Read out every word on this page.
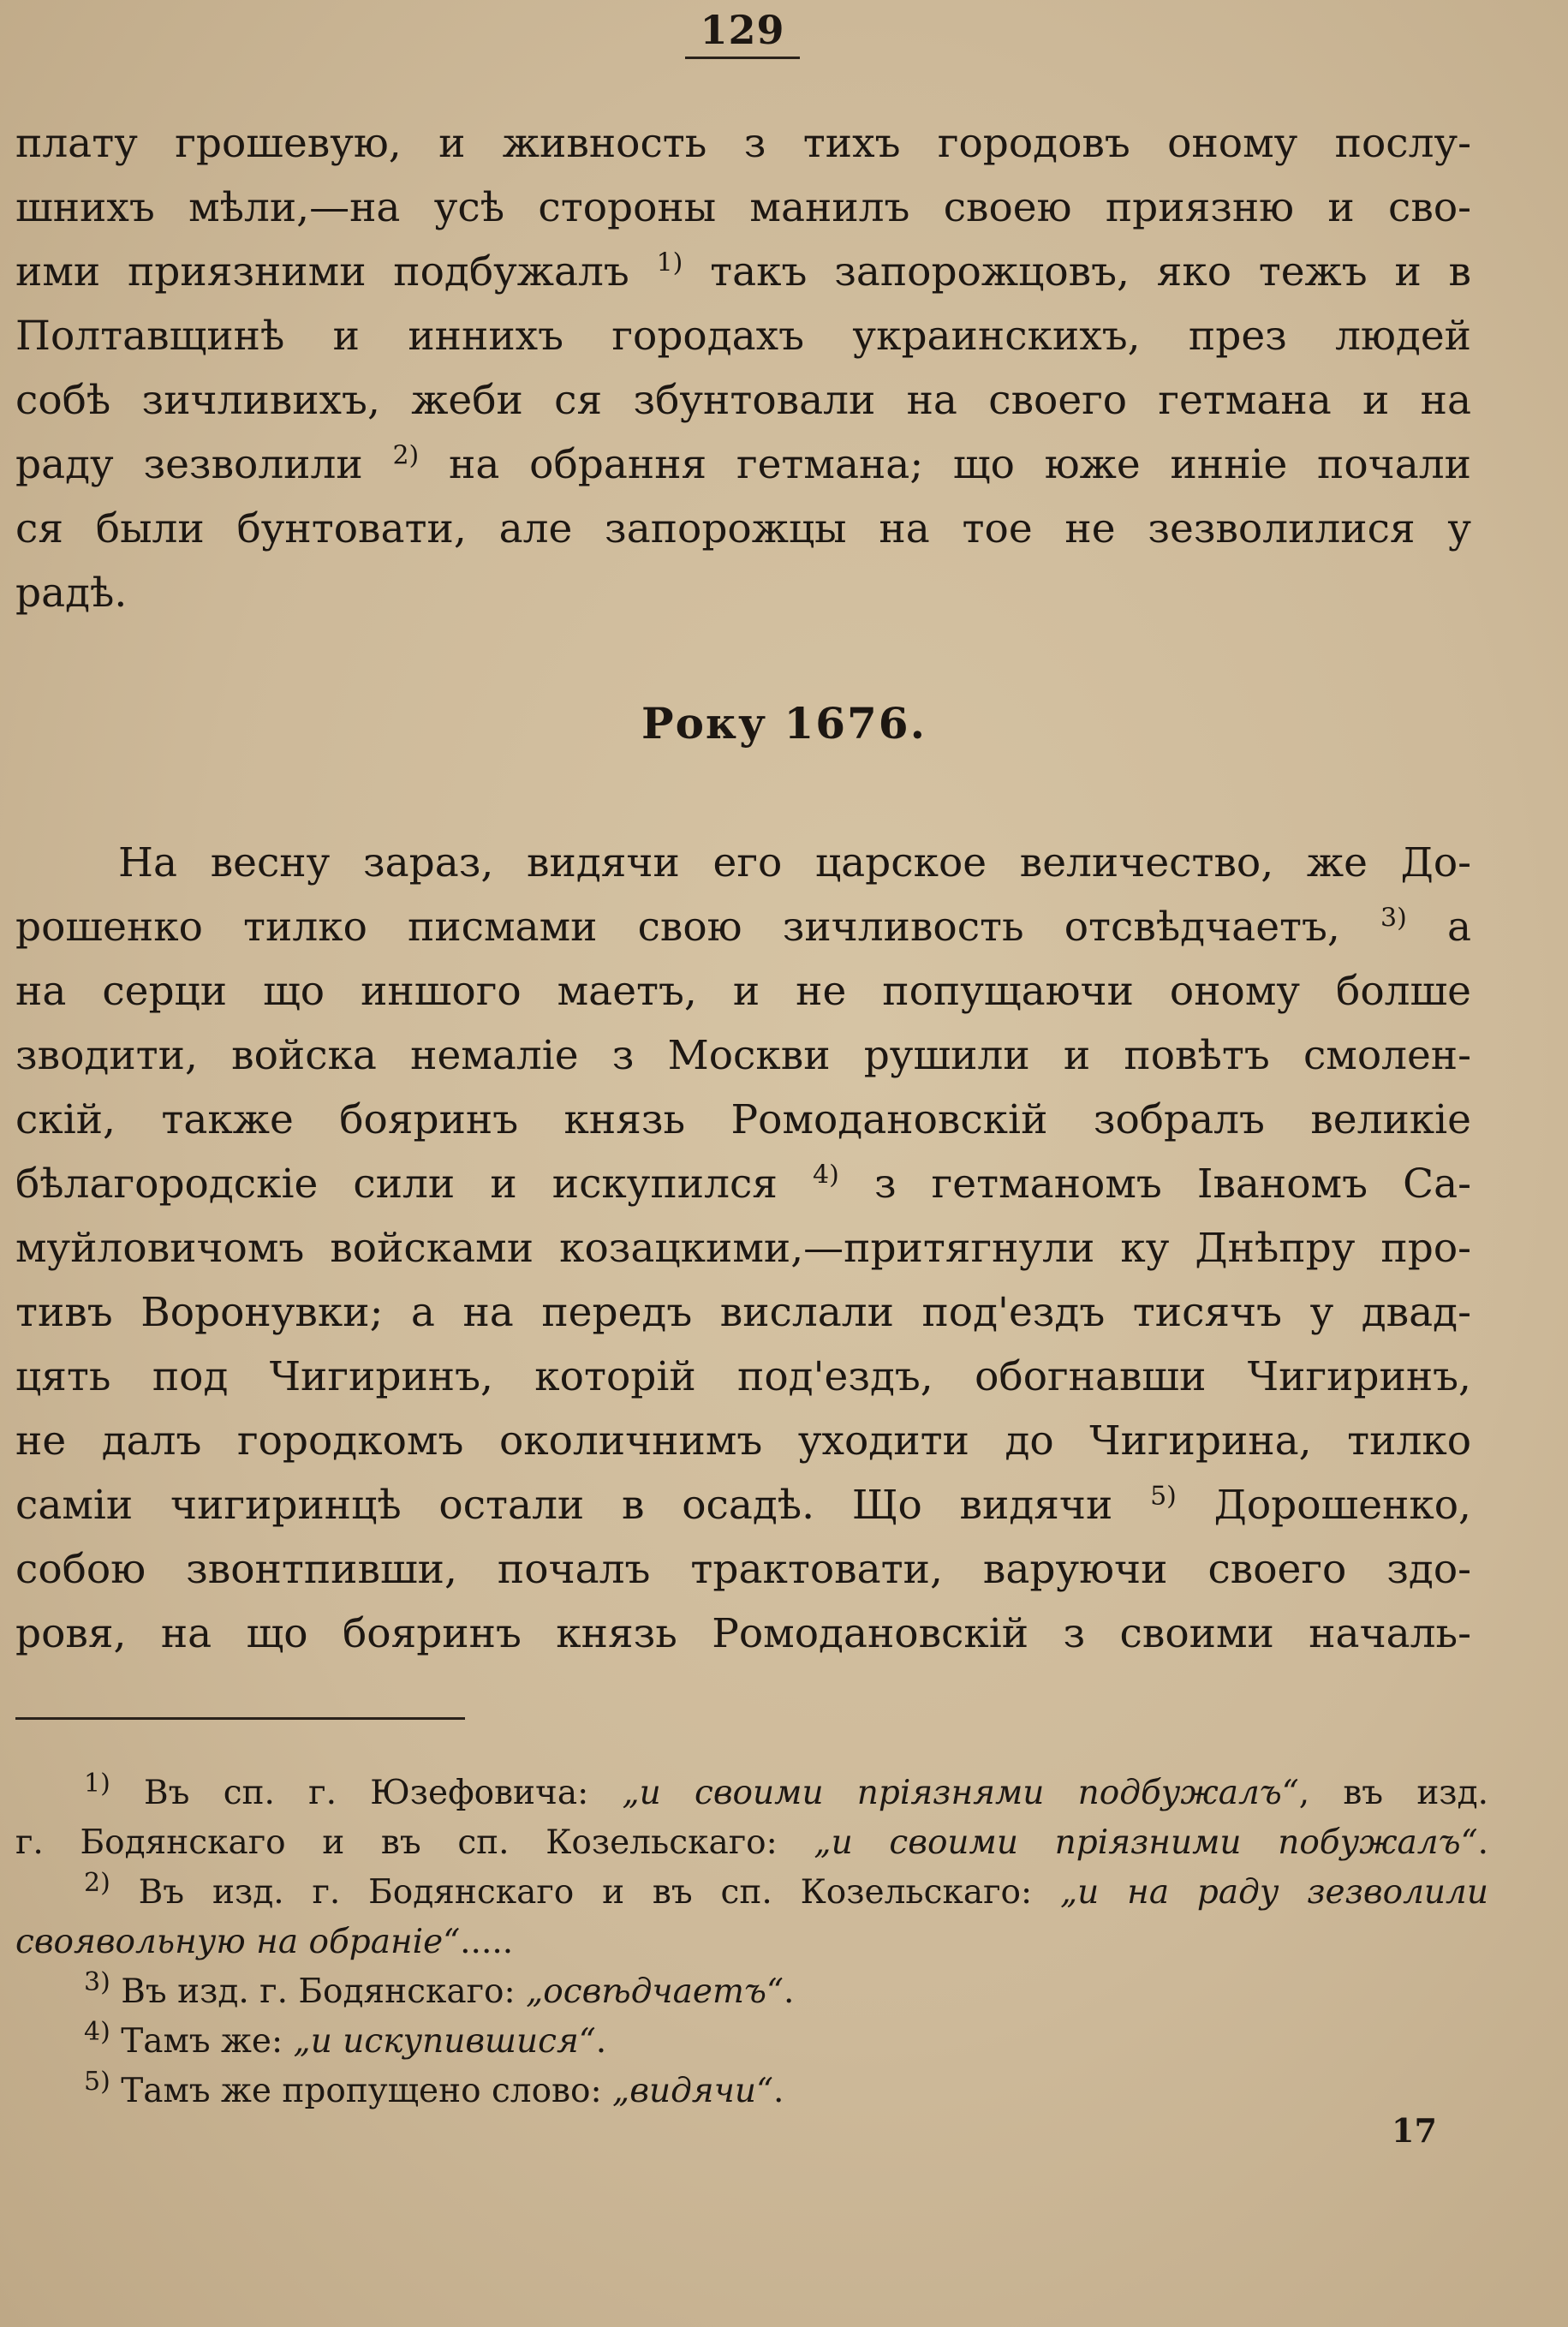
129
плату грошевую, и живность з тихъ городовъ оному послу-
шнихъ мѣли,—на усѣ стороны манилъ своею приязню и сво-
ими приязними подбужалъ $^{1)}$ такъ запорожцовъ, яко тежъ и в
Полтавщинѣ и иннихъ городахъ украинскихъ, през людей
собѣ зичливихъ, жеби ся збунтовали на своего гетмана и на
раду зезволили $^{2)}$ на обрання гетмана; що юже инніе почали
ся были бунтовати, але запорожцы на тое не зезволилися у
радѣ.
Року 1676.
На весну зараз, видячи его царское величество, же До-
рошенко тилко писмами свою зичливость отсвѣдчаетъ, $^{3)}$ а
на серци що иншого маетъ, и не попущаючи оному болше
зводити, войска немаліе з Москви рушили и повѣтъ смолен-
скій, также бояринъ князь Ромодановскій зобралъ великіе
бѣлагородскіе сили и искупился $^{4)}$ з гетманомъ Іваномъ Са-
муйловичомъ войсками козацкими,—притягнули ку Днѣпру про-
тивъ Воронувки; а на передъ вислали под'ездъ тисячъ у двад-
цять под Чигиринъ, которій под'ездъ, обогнавши Чигиринъ,
не далъ городкомъ околичнимъ уходити до Чигирина, тилко
саміи чигиринцѣ остали в осадѣ. Що видячи $^{5)}$ Дорошенко,
собою звонтпивши, почалъ трактовати, варуючи своего здо-
ровя, на що бояринъ князь Ромодановскій з своими началь-
$^{1)}$ Въ сп. г. Юзефовича: „и своими пріязнями подбужалъ“, въ изд.
г. Бодянскаго и въ сп. Козельскаго: „и своими пріязними побужалъ“.
$^{2)}$ Въ изд. г. Бодянскаго и въ сп. Козельскаго: „и на раду зезволили
своявольную на обраніе“.....
$^{3)}$ Въ изд. г. Бодянскаго: „освѣдчаетъ“.
$^{4)}$ Тамъ же: „и искупившися“.
$^{5)}$ Тамъ же пропущено слово: „видячи“.
17
